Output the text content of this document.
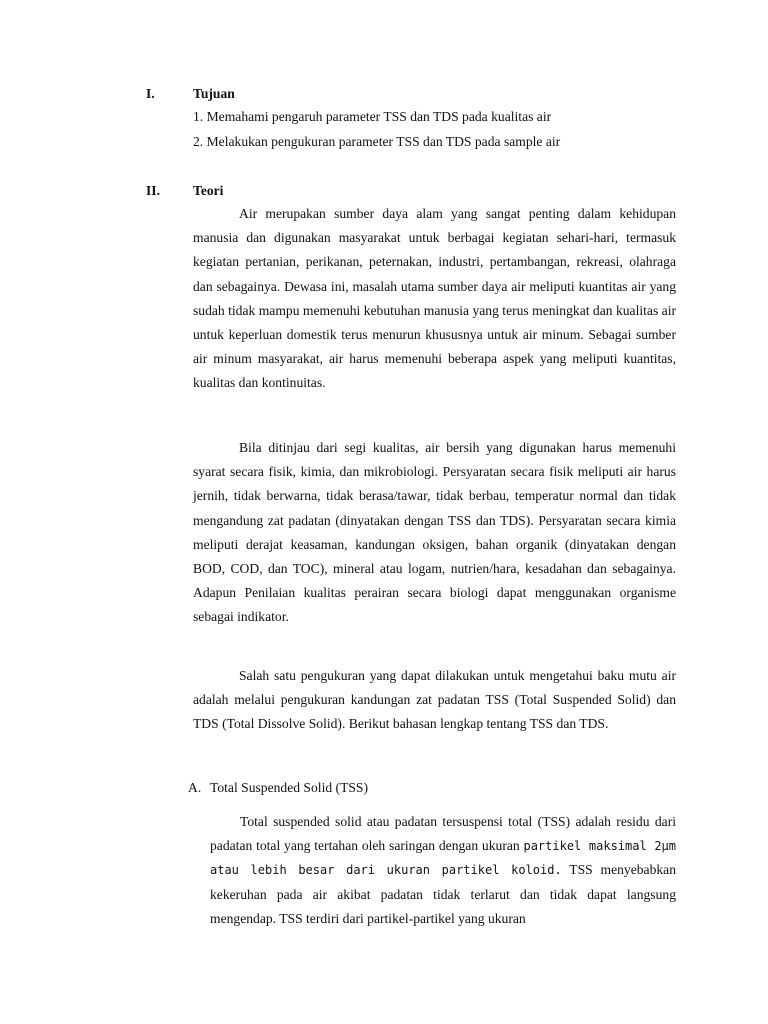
I.	Tujuan
1. Memahami pengaruh parameter TSS dan TDS pada kualitas air
2. Melakukan pengukuran parameter TSS dan TDS pada sample air
II. Teori

Air merupakan sumber daya alam yang sangat penting dalam kehidupan manusia dan digunakan masyarakat untuk berbagai kegiatan sehari-hari, termasuk kegiatan pertanian, perikanan, peternakan, industri, pertambangan, rekreasi, olahraga dan sebagainya. Dewasa ini, masalah utama sumber daya air meliputi kuantitas air yang sudah tidak mampu memenuhi kebutuhan manusia yang terus meningkat dan kualitas air untuk keperluan domestik terus menurun khususnya untuk air minum. Sebagai sumber air minum masyarakat, air harus memenuhi beberapa aspek yang meliputi kuantitas, kualitas dan kontinuitas.

Bila ditinjau dari segi kualitas, air bersih yang digunakan harus memenuhi syarat secara fisik, kimia, dan mikrobiologi. Persyaratan secara fisik meliputi air harus jernih, tidak berwarna, tidak berasa/tawar, tidak berbau, temperatur normal dan tidak mengandung zat padatan (dinyatakan dengan TSS dan TDS). Persyaratan secara kimia meliputi derajat keasaman, kandungan oksigen, bahan organik (dinyatakan dengan BOD, COD, dan TOC), mineral atau logam, nutrien/hara, kesadahan dan sebagainya. Adapun Penilaian kualitas perairan secara biologi dapat menggunakan organisme sebagai indikator.

Salah satu pengukuran yang dapat dilakukan untuk mengetahui baku mutu air adalah melalui pengukuran kandungan zat padatan TSS (Total Suspended Solid) dan TDS (Total Dissolve Solid). Berikut bahasan lengkap tentang TSS dan TDS.

A. Total Suspended Solid (TSS)

Total suspended solid atau padatan tersuspensi total (TSS) adalah residu dari padatan total yang tertahan oleh saringan dengan ukuran partikel maksimal 2μm atau lebih besar dari ukuran partikel koloid. TSS menyebabkan kekeruhan pada air akibat padatan tidak terlarut dan tidak dapat langsung mengendap. TSS terdiri dari partikel-partikel yang ukuran
